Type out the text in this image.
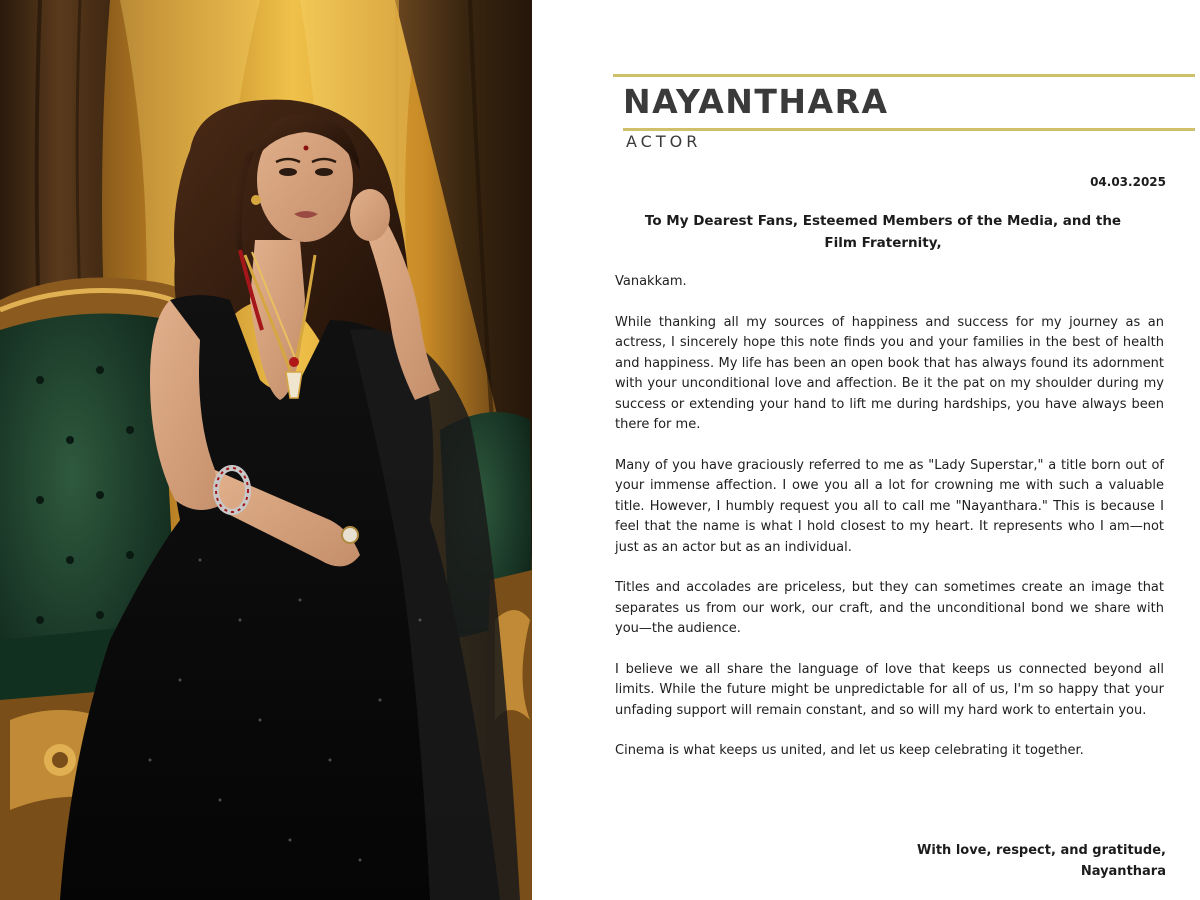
NAYANTHARA
ACTOR
04.03.2025
To My Dearest Fans, Esteemed Members of the Media, and the Film Fraternity,

Vanakkam.

While thanking all my sources of happiness and success for my journey as an actress, I sincerely hope this note finds you and your families in the best of health and happiness. My life has been an open book that has always found its adornment with your unconditional love and affection. Be it the pat on my shoulder during my success or extending your hand to lift me during hardships, you have always been there for me.

Many of you have graciously referred to me as "Lady Superstar," a title born out of your immense affection. I owe you all a lot for crowning me with such a valuable title. However, I humbly request you all to call me "Nayanthara." This is because I feel that the name is what I hold closest to my heart. It represents who I am—not just as an actor but as an individual.

Titles and accolades are priceless, but they can sometimes create an image that separates us from our work, our craft, and the unconditional bond we share with you—the audience.

I believe we all share the language of love that keeps us connected beyond all limits. While the future might be unpredictable for all of us, I'm so happy that your unfading support will remain constant, and so will my hard work to entertain you.

Cinema is what keeps us united, and let us keep celebrating it together.

With love, respect, and gratitude,
Nayanthara
